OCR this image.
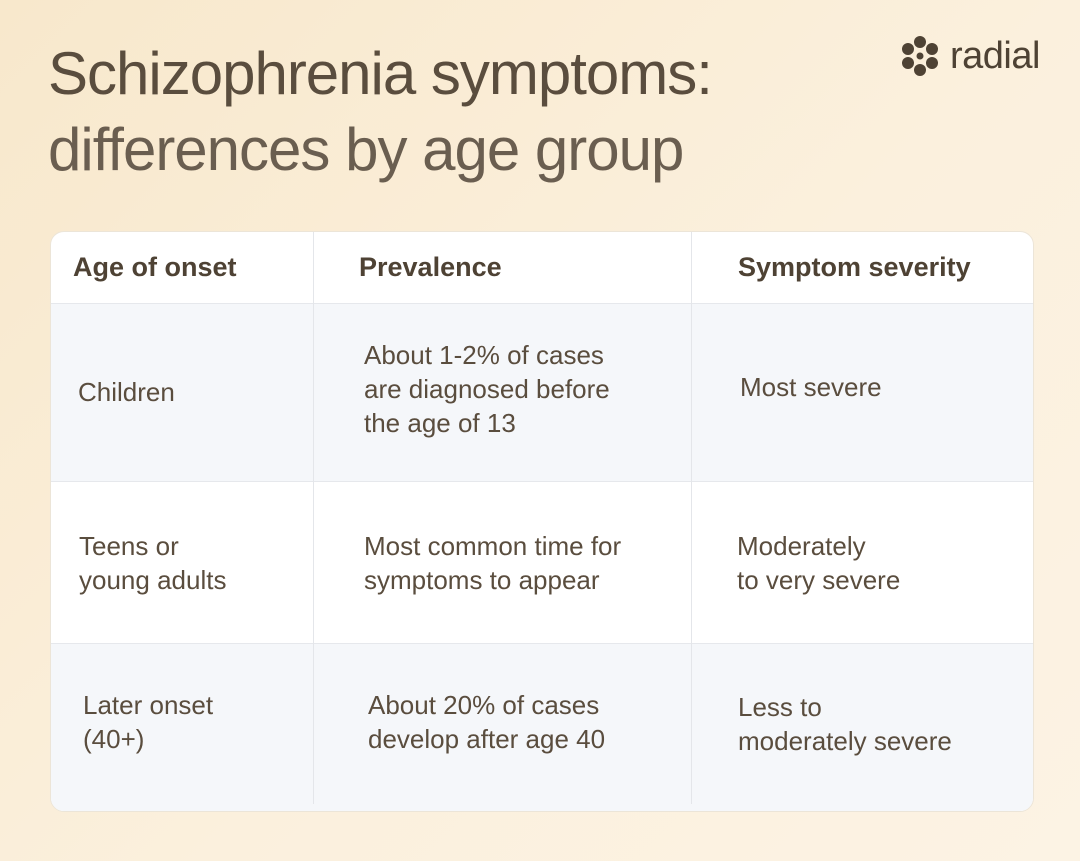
Schizophrenia symptoms:
differences by age group
radial
Age of onset	Prevalence	Symptom severity
Children
About 1-2% of cases are diagnosed before the age of 13
Most severe
Teens or
young adults
Most common time for symptoms to appear
Moderately
to very severe
Later onset
(40+)
About 20% of cases develop after age 40
Less to
moderately severe
